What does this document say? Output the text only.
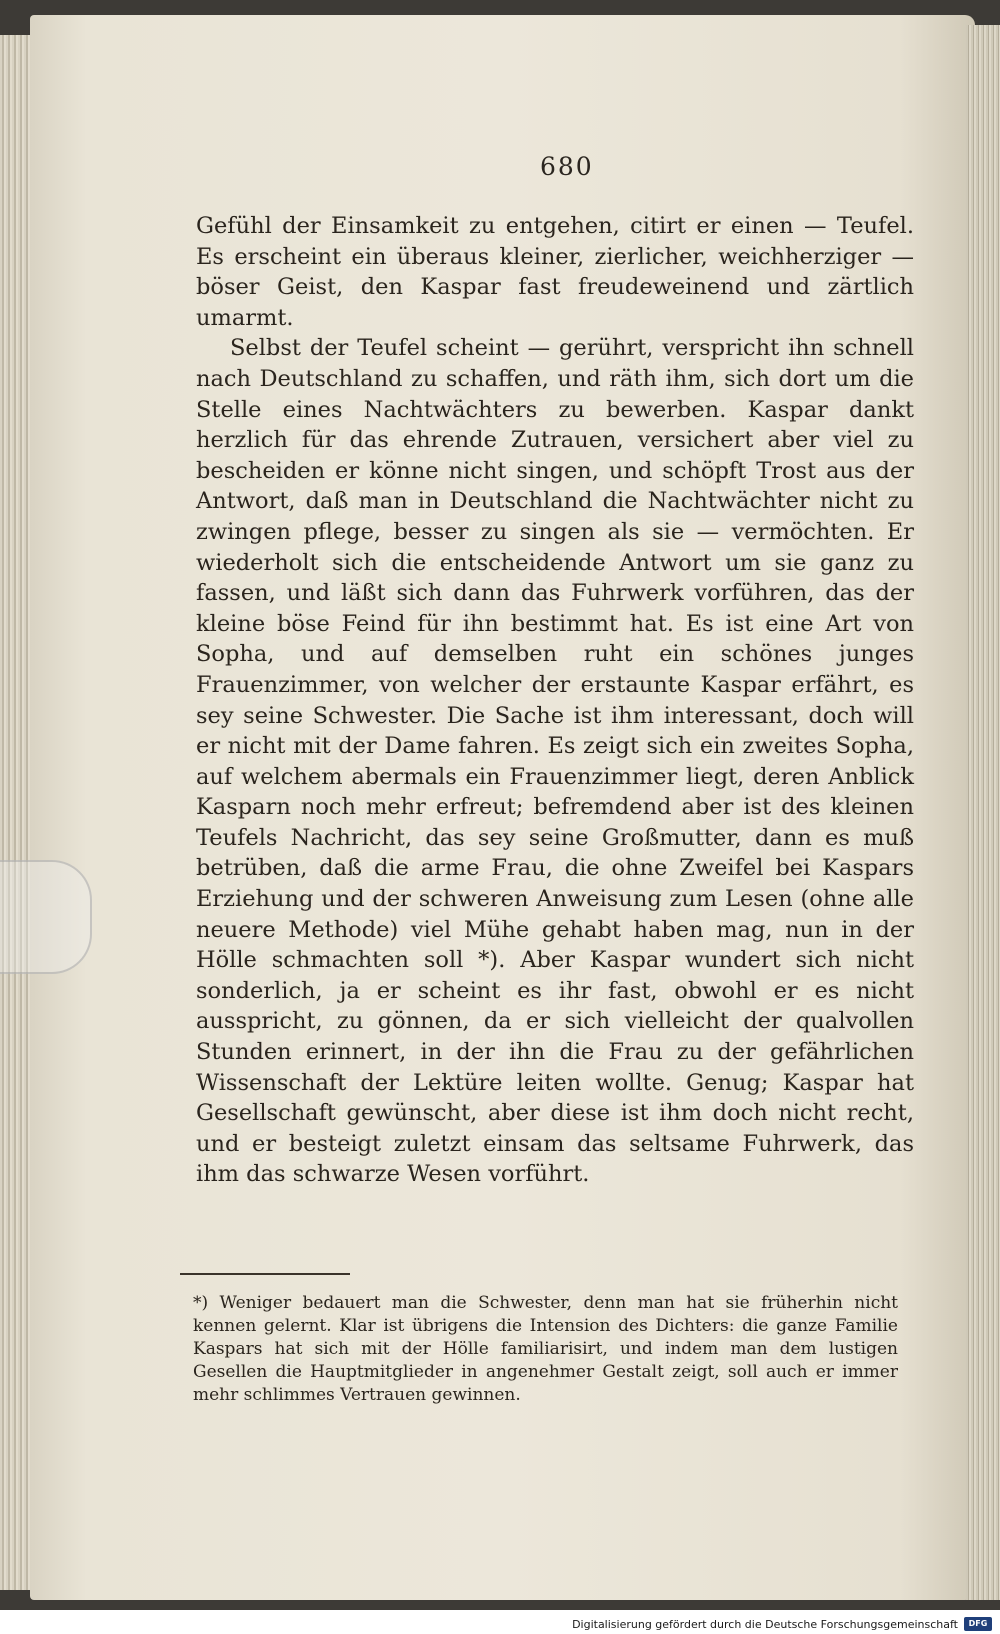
680

Gefühl der Einsamkeit zu entgehen, citirt er einen — Teufel. Es erscheint ein überaus kleiner, zierlicher, weichherziger — böser Geist, den Kaspar fast freudeweinend und zärtlich umarmt.

Selbst der Teufel scheint — gerührt, verspricht ihn schnell nach Deutschland zu schaffen, und räth ihm, sich dort um die Stelle eines Nachtwächters zu bewerben. Kaspar dankt herzlich für das ehrende Zutrauen, versichert aber viel zu bescheiden er könne nicht singen, und schöpft Trost aus der Antwort, daß man in Deutschland die Nachtwächter nicht zu zwingen pflege, besser zu singen als sie — vermöchten. Er wiederholt sich die entscheidende Antwort um sie ganz zu fassen, und läßt sich dann das Fuhrwerk vorführen, das der kleine böse Feind für ihn bestimmt hat. Es ist eine Art von Sopha, und auf demselben ruht ein schönes junges Frauenzimmer, von welcher der erstaunte Kaspar erfährt, es sey seine Schwester. Die Sache ist ihm interessant, doch will er nicht mit der Dame fahren. Es zeigt sich ein zweites Sopha, auf welchem abermals ein Frauenzimmer liegt, deren Anblick Kasparn noch mehr erfreut; befremdend aber ist des kleinen Teufels Nachricht, das sey seine Großmutter, dann es muß betrüben, daß die arme Frau, die ohne Zweifel bei Kaspars Erziehung und der schweren Anweisung zum Lesen (ohne alle neuere Methode) viel Mühe gehabt haben mag, nun in der Hölle schmachten soll *). Aber Kaspar wundert sich nicht sonderlich, ja er scheint es ihr fast, obwohl er es nicht ausspricht, zu gönnen, da er sich vielleicht der qualvollen Stunden erinnert, in der ihn die Frau zu der gefährlichen Wissenschaft der Lektüre leiten wollte. Genug; Kaspar hat Gesellschaft gewünscht, aber diese ist ihm doch nicht recht, und er besteigt zuletzt einsam das seltsame Fuhrwerk, das ihm das schwarze Wesen vorführt.

*) Weniger bedauert man die Schwester, denn man hat sie früherhin nicht kennen gelernt. Klar ist übrigens die Intension des Dichters: die ganze Familie Kaspars hat sich mit der Hölle familiarisirt, und indem man dem lustigen Gesellen die Hauptmitglieder in angenehmer Gestalt zeigt, soll auch er immer mehr schlimmes Vertrauen gewinnen.

Digitalisierung gefördert durch die Deutsche Forschungsgemeinschaft	DFG
